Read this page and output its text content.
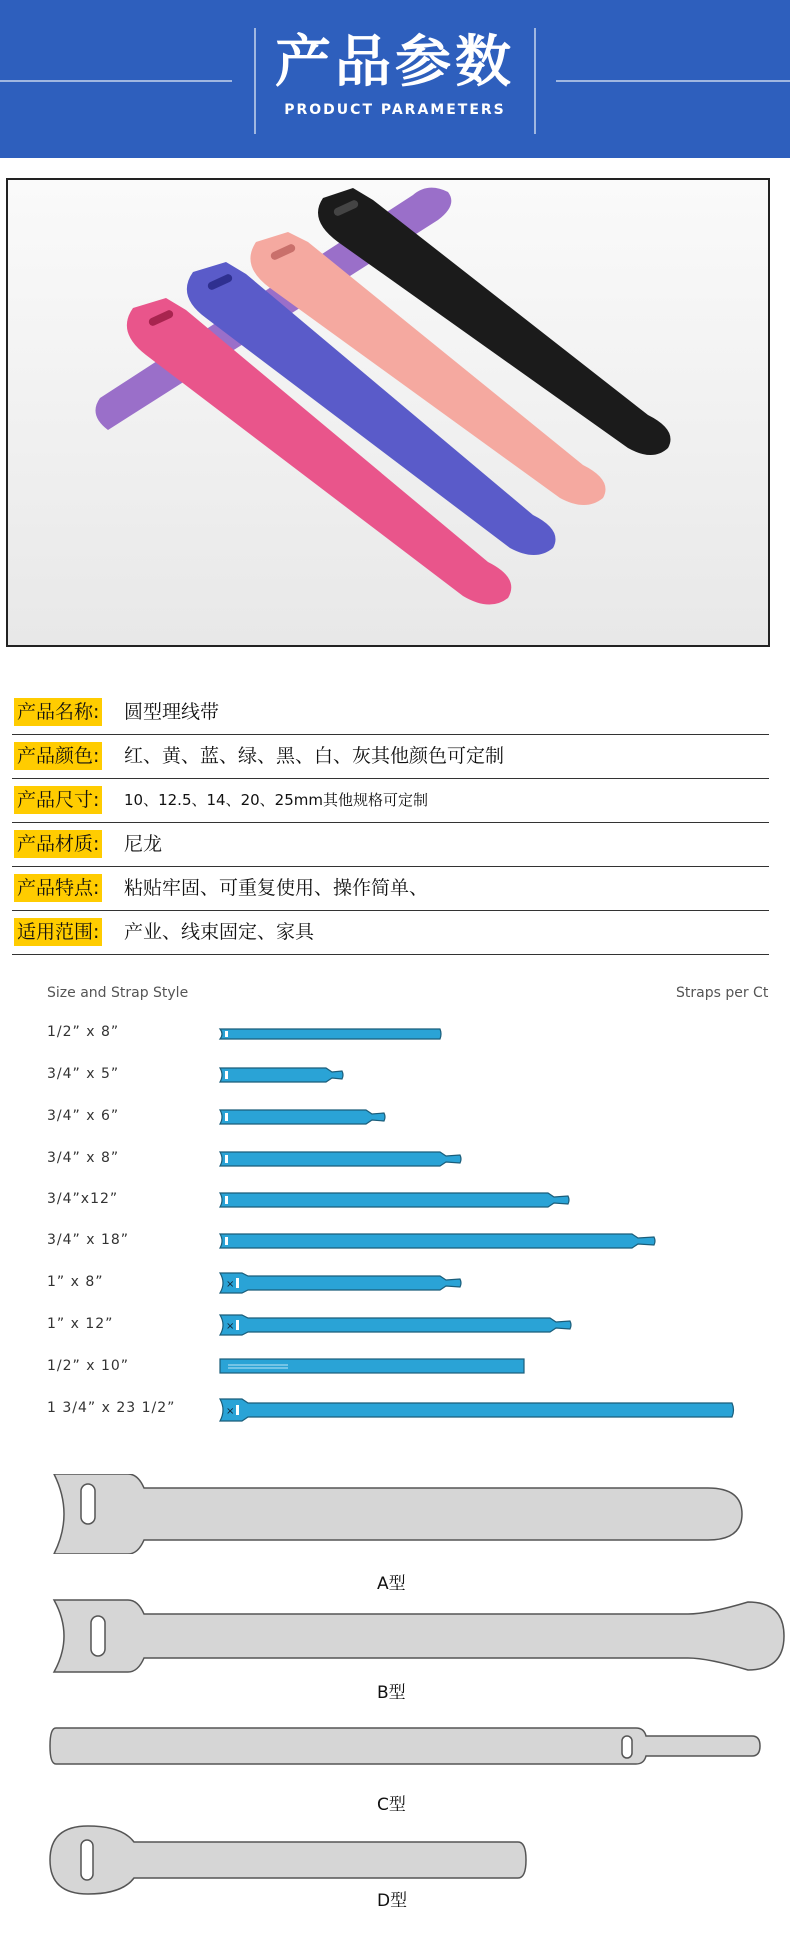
产品参数
PRODUCT PARAMETERS
产品名称: 圆型理线带
产品颜色: 红、黄、蓝、绿、黑、白、灰其他颜色可定制
产品尺寸: 10、12.5、14、20、25mm其他规格可定制
产品材质: 尼龙
产品特点: 粘贴牢固、可重复使用、操作简单、
适用范围: 产业、线束固定、家具
Size and Strap Style	Straps per Ct
1/2” x 8”
3/4” x 5”
3/4” x 6”
3/4” x 8”
3/4”x12”
3/4” x 18”
1” x 8”
1” x 12”
1/2” x 10”
1 3/4” x 23 1/2”
×
×
×
A型
B型
C型
D型
